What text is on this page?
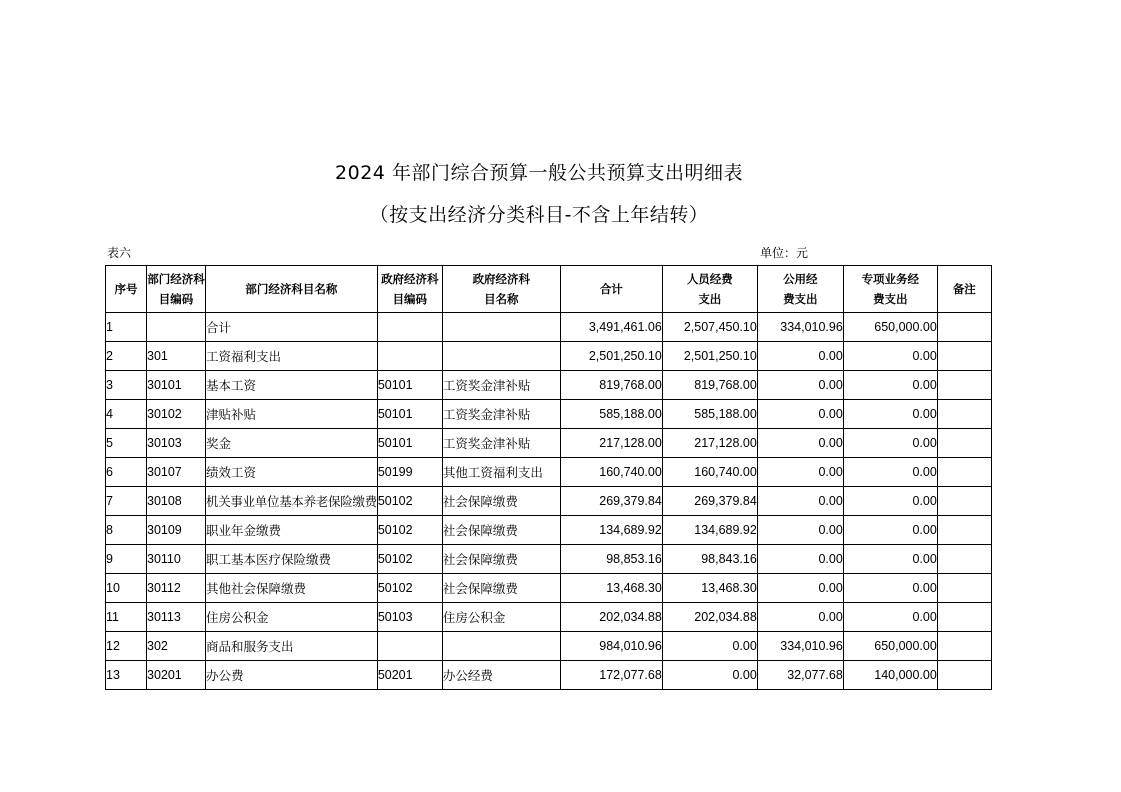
2024 年部门综合预算一般公共预算支出明细表
（按支出经济分类科目-不含上年结转）
表六	单位：元
序号	部门经济科目编码	部门经济科目名称	政府经济科目编码	政府经济科目名称	合计	人员经费支出	公用经费支出	专项业务经费支出	备注
1		合计			3,491,461.06	2,507,450.10	334,010.96	650,000.00	
2	301	工资福利支出			2,501,250.10	2,501,250.10	0.00	0.00	
3	30101	基本工资	50101	工资奖金津补贴	819,768.00	819,768.00	0.00	0.00	
4	30102	津贴补贴	50101	工资奖金津补贴	585,188.00	585,188.00	0.00	0.00	
5	30103	奖金	50101	工资奖金津补贴	217,128.00	217,128.00	0.00	0.00	
6	30107	绩效工资	50199	其他工资福利支出	160,740.00	160,740.00	0.00	0.00	
7	30108	机关事业单位基本养老保险缴费	50102	社会保障缴费	269,379.84	269,379.84	0.00	0.00	
8	30109	职业年金缴费	50102	社会保障缴费	134,689.92	134,689.92	0.00	0.00	
9	30110	职工基本医疗保险缴费	50102	社会保障缴费	98,853.16	98,843.16	0.00	0.00	
10	30112	其他社会保障缴费	50102	社会保障缴费	13,468.30	13,468.30	0.00	0.00	
11	30113	住房公积金	50103	住房公积金	202,034.88	202,034.88	0.00	0.00	
12	302	商品和服务支出			984,010.96	0.00	334,010.96	650,000.00	
13	30201	办公费	50201	办公经费	172,077.68	0.00	32,077.68	140,000.00	
